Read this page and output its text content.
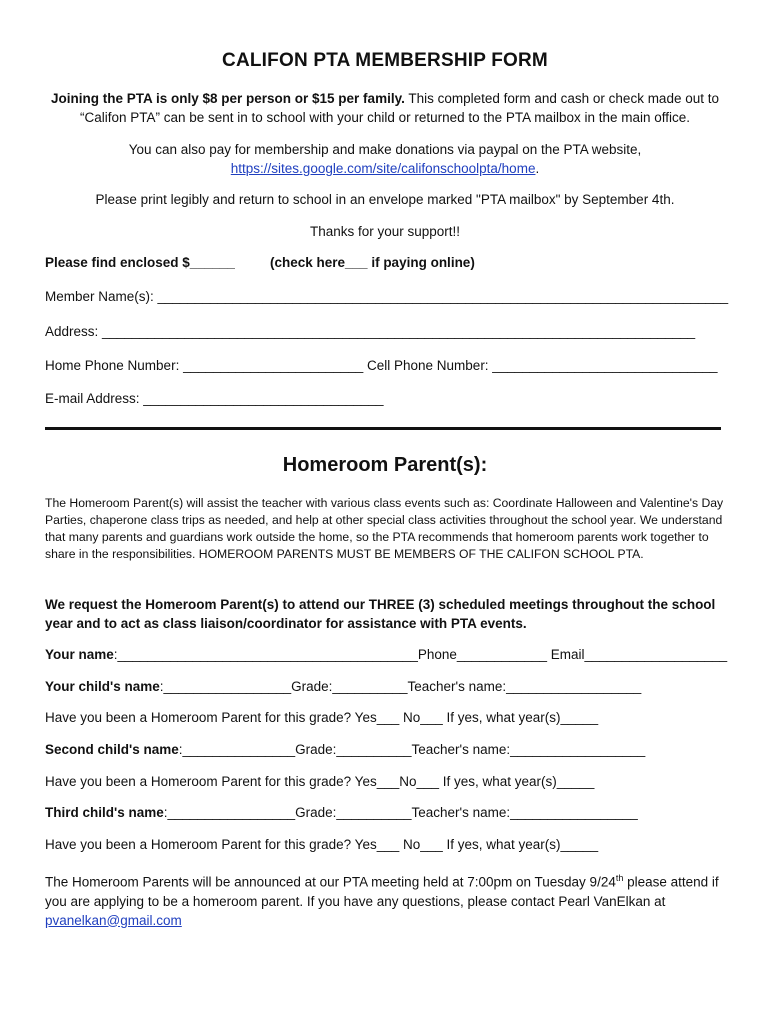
CALIFON PTA MEMBERSHIP FORM
Joining the PTA is only $8 per person or $15 per family. This completed form and cash or check made out to “Califon PTA” can be sent in to school with your child or returned to the PTA mailbox in the main office.
You can also pay for membership and make donations via paypal on the PTA website,
https://sites.google.com/site/califonschoolpta/home.
Please print legibly and return to school in an envelope marked "PTA mailbox" by September 4th.
Thanks for your support!!
Please find enclosed $______	(check here___ if paying online)
Member Name(s): ____________________________________________________________________________
Address: _______________________________________________________________________________
Home Phone Number: ________________________ Cell Phone Number: ______________________________
E-mail Address: ________________________________
Homeroom Parent(s):
The Homeroom Parent(s) will assist the teacher with various class events such as: Coordinate Halloween and Valentine's Day Parties, chaperone class trips as needed, and help at other special class activities throughout the school year. We understand that many parents and guardians work outside the home, so the PTA recommends that homeroom parents work together to share in the responsibilities. HOMEROOM PARENTS MUST BE MEMBERS OF THE CALIFON SCHOOL PTA.
We request the Homeroom Parent(s) to attend our THREE (3) scheduled meetings throughout the school year and to act as class liaison/coordinator for assistance with PTA events.
Your name:________________________________________Phone____________ Email___________________
Your child's name:_________________Grade:__________Teacher's name:__________________
Have you been a Homeroom Parent for this grade? Yes___ No___ If yes, what year(s)_____
Second child's name:_______________Grade:__________Teacher's name:__________________
Have you been a Homeroom Parent for this grade? Yes___No___ If yes, what year(s)_____
Third child's name:_________________Grade:__________Teacher's name:_________________
Have you been a Homeroom Parent for this grade? Yes___ No___ If yes, what year(s)_____
The Homeroom Parents will be announced at our PTA meeting held at 7:00pm on Tuesday 9/24th please attend if you are applying to be a homeroom parent. If you have any questions, please contact Pearl VanElkan at pvanelkan@gmail.com
